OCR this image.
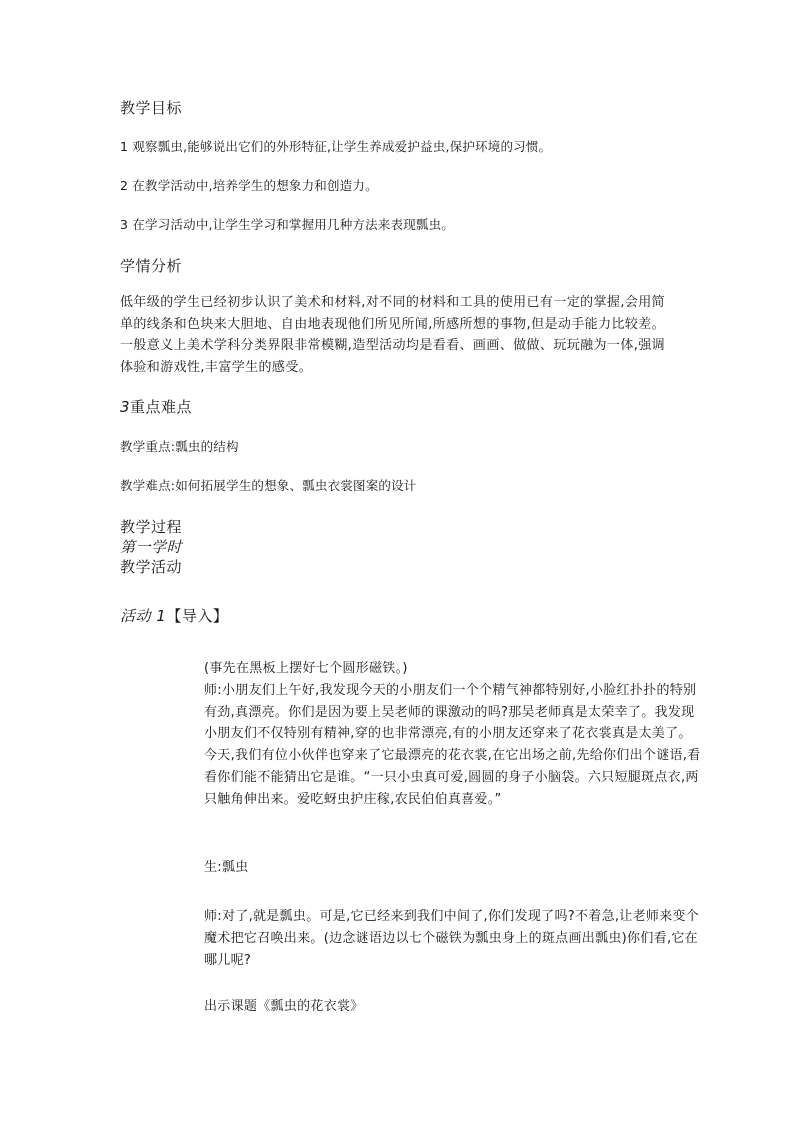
教学目标

1 观察瓢虫,能够说出它们的外形特征,让学生养成爱护益虫,保护环境的习惯。

2 在教学活动中,培养学生的想象力和创造力。

3 在学习活动中,让学生学习和掌握用几种方法来表现瓢虫。

学情分析

低年级的学生已经初步认识了美术和材料,对不同的材料和工具的使用已有一定的掌握,会用简单的线条和色块来大胆地、自由地表现他们所见所闻,所感所想的事物,但是动手能力比较差。一般意义上美术学科分类界限非常模糊,造型活动均是看看、画画、做做、玩玩融为一体,强调体验和游戏性,丰富学生的感受。

3重点难点

教学重点:瓢虫的结构

教学难点:如何拓展学生的想象、瓢虫衣裳图案的设计

教学过程

第一学时

教学活动

活动 1【导入】

(事先在黑板上摆好七个圆形磁铁。)
师:小朋友们上午好,我发现今天的小朋友们一个个精气神都特别好,小脸红扑扑的特别有劲,真漂亮。你们是因为要上吴老师的课激动的吗?那吴老师真是太荣幸了。我发现小朋友们不仅特别有精神,穿的也非常漂亮,有的小朋友还穿来了花衣裳真是太美了。今天,我们有位小伙伴也穿来了它最漂亮的花衣裳,在它出场之前,先给你们出个谜语,看看你们能不能猜出它是谁。“一只小虫真可爱,圆圆的身子小脑袋。六只短腿斑点衣,两只触角伸出来。爱吃蚜虫护庄稼,农民伯伯真喜爱。”

生:瓢虫

师:对了,就是瓢虫。可是,它已经来到我们中间了,你们发现了吗?不着急,让老师来变个魔术把它召唤出来。(边念谜语边以七个磁铁为瓢虫身上的斑点画出瓢虫)你们看,它在哪儿呢?

出示课题《瓢虫的花衣裳》
